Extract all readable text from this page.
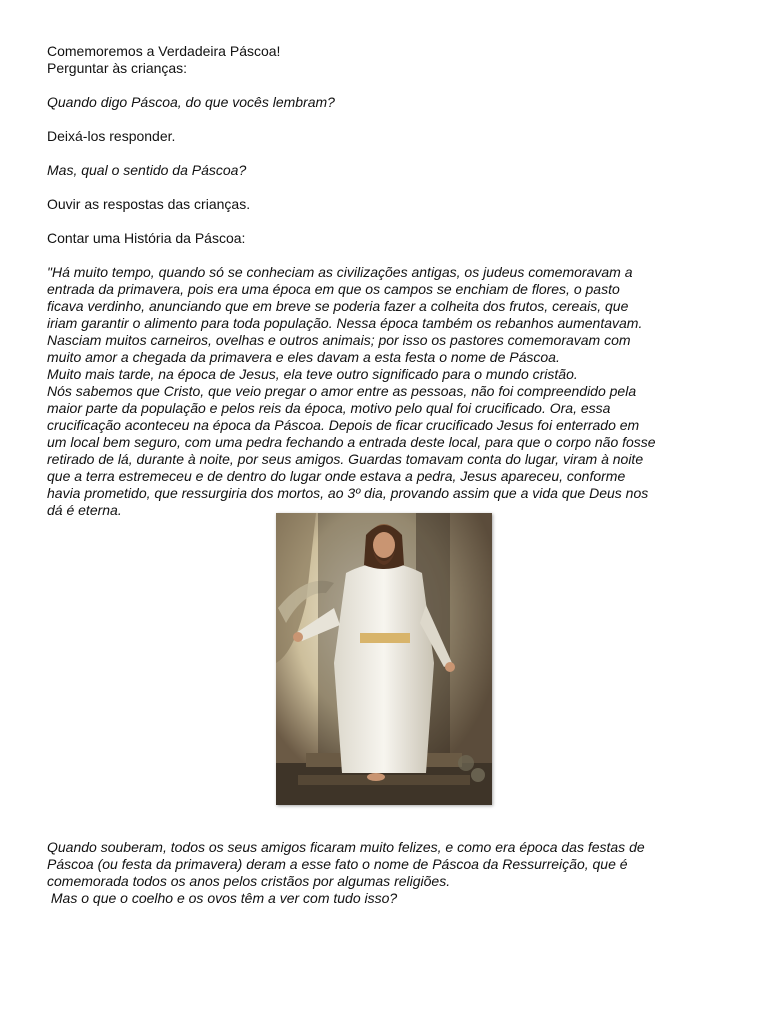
Comemoremos a Verdadeira Páscoa!

Perguntar às crianças:

Quando digo Páscoa, do que vocês lembram?

Deixá-los responder.

Mas, qual o sentido da Páscoa?

Ouvir as respostas das crianças.

Contar uma História da Páscoa:

"Há muito tempo, quando só se conheciam as civilizações antigas, os judeus comemoravam a

entrada da primavera, pois era uma época em que os campos se enchiam de flores, o pasto

ficava verdinho, anunciando que em breve se poderia fazer a colheita dos frutos, cereais, que

iriam garantir o alimento para toda população. Nessa época também os rebanhos aumentavam.

Nasciam muitos carneiros, ovelhas e outros animais; por isso os pastores comemoravam com

muito amor a chegada da primavera e eles davam a esta festa o nome de Páscoa.

Muito mais tarde, na época de Jesus, ela teve outro significado para o mundo cristão.

Nós sabemos que Cristo, que veio pregar o amor entre as pessoas, não foi compreendido pela

maior parte da população e pelos reis da época, motivo pelo qual foi crucificado. Ora, essa

crucificação aconteceu na época da Páscoa. Depois de ficar crucificado Jesus foi enterrado em

um local bem seguro, com uma pedra fechando a entrada deste local, para que o corpo não fosse

retirado de lá, durante à noite, por seus amigos. Guardas tomavam conta do lugar, viram à noite

que a terra estremeceu e de dentro do lugar onde estava a pedra, Jesus apareceu, conforme

havia prometido, que ressurgiria dos mortos, ao 3º dia, provando assim que a vida que Deus nos

dá é eterna.

Quando souberam, todos os seus amigos ficaram muito felizes, e como era época das festas de

Páscoa (ou festa da primavera) deram a esse fato o nome de Páscoa da Ressurreição, que é

comemorada todos os anos pelos cristãos por algumas religiões.

Mas o que o coelho e os ovos têm a ver com tudo isso?
